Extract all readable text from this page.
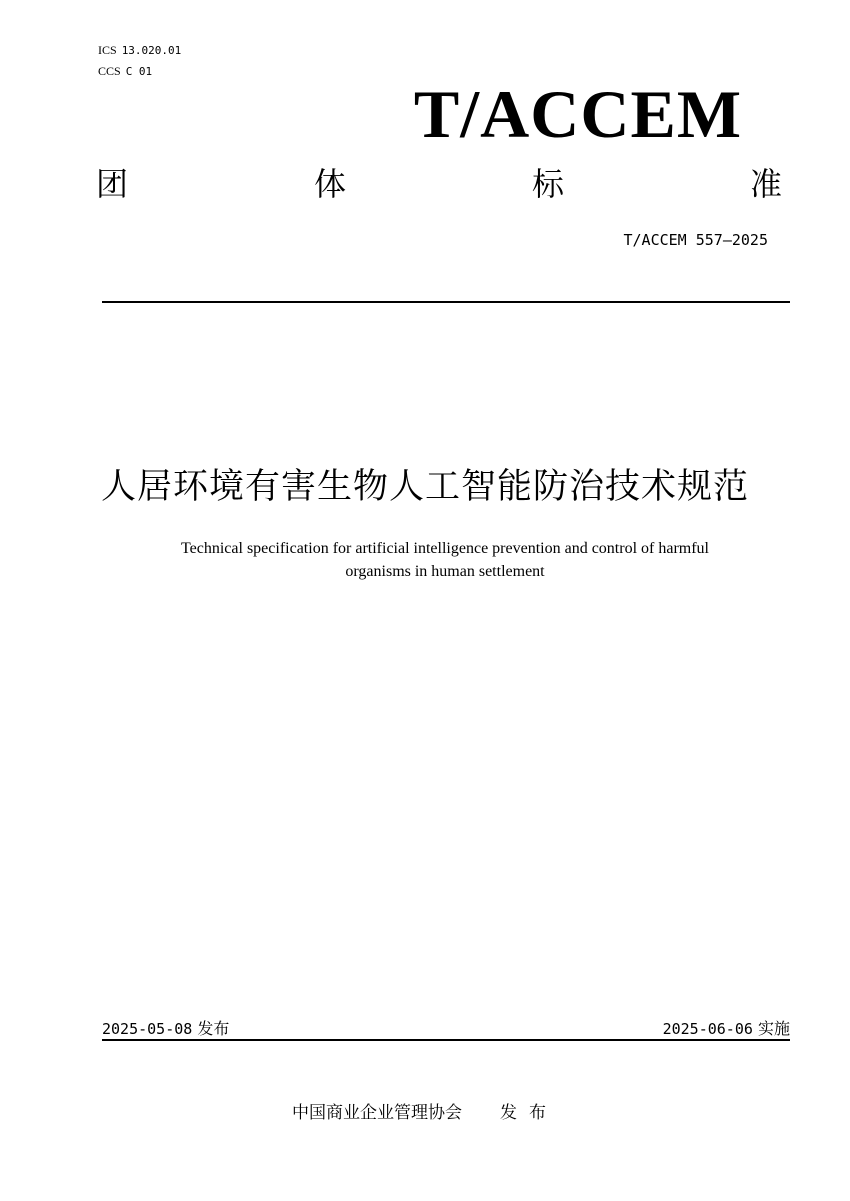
ICS 13.020.01
CCS C 01
T/ACCEM
团	体	标	准
T/ACCEM 557—2025
人居环境有害生物人工智能防治技术规范
Technical specification for artificial intelligence prevention and control of harmful
organisms in human settlement
2025-05-08 发布	2025-06-06 实施
中国商业企业管理协会 发布
